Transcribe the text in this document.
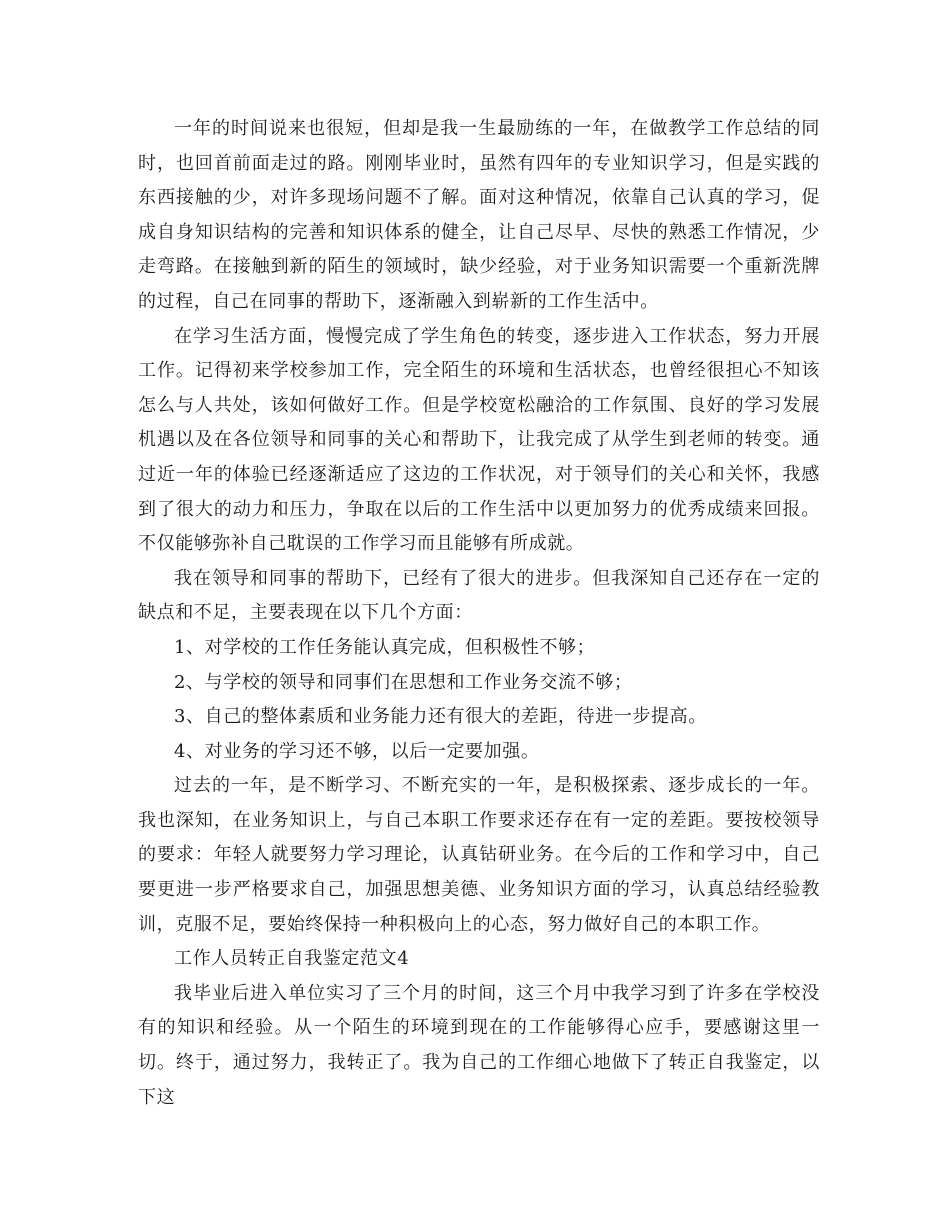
一年的时间说来也很短，但却是我一生最励练的一年，在做教学工作总结的同时，也回首前面走过的路。刚刚毕业时，虽然有四年的专业知识学习，但是实践的东西接触的少，对许多现场问题不了解。面对这种情况，依靠自己认真的学习，促成自身知识结构的完善和知识体系的健全，让自己尽早、尽快的熟悉工作情况，少走弯路。在接触到新的陌生的领域时，缺少经验，对于业务知识需要一个重新洗牌的过程，自己在同事的帮助下，逐渐融入到崭新的工作生活中。

在学习生活方面，慢慢完成了学生角色的转变，逐步进入工作状态，努力开展工作。记得初来学校参加工作，完全陌生的环境和生活状态，也曾经很担心不知该怎么与人共处，该如何做好工作。但是学校宽松融洽的工作氛围、良好的学习发展机遇以及在各位领导和同事的关心和帮助下，让我完成了从学生到老师的转变。通过近一年的体验已经逐渐适应了这边的工作状况，对于领导们的关心和关怀，我感到了很大的动力和压力，争取在以后的工作生活中以更加努力的优秀成绩来回报。不仅能够弥补自己耽误的工作学习而且能够有所成就。

我在领导和同事的帮助下，已经有了很大的进步。但我深知自己还存在一定的缺点和不足，主要表现在以下几个方面：

1、对学校的工作任务能认真完成，但积极性不够；

2、与学校的领导和同事们在思想和工作业务交流不够；

3、自己的整体素质和业务能力还有很大的差距，待进一步提高。

4、对业务的学习还不够，以后一定要加强。

过去的一年，是不断学习、不断充实的一年，是积极探索、逐步成长的一年。我也深知，在业务知识上，与自己本职工作要求还存在有一定的差距。要按校领导的要求：年轻人就要努力学习理论，认真钻研业务。在今后的工作和学习中，自己要更进一步严格要求自己，加强思想美德、业务知识方面的学习，认真总结经验教训，克服不足，要始终保持一种积极向上的心态，努力做好自己的本职工作。

工作人员转正自我鉴定范文4

我毕业后进入单位实习了三个月的时间，这三个月中我学习到了许多在学校没有的知识和经验。从一个陌生的环境到现在的工作能够得心应手，要感谢这里一切。终于，通过努力，我转正了。我为自己的工作细心地做下了转正自我鉴定，以下这
